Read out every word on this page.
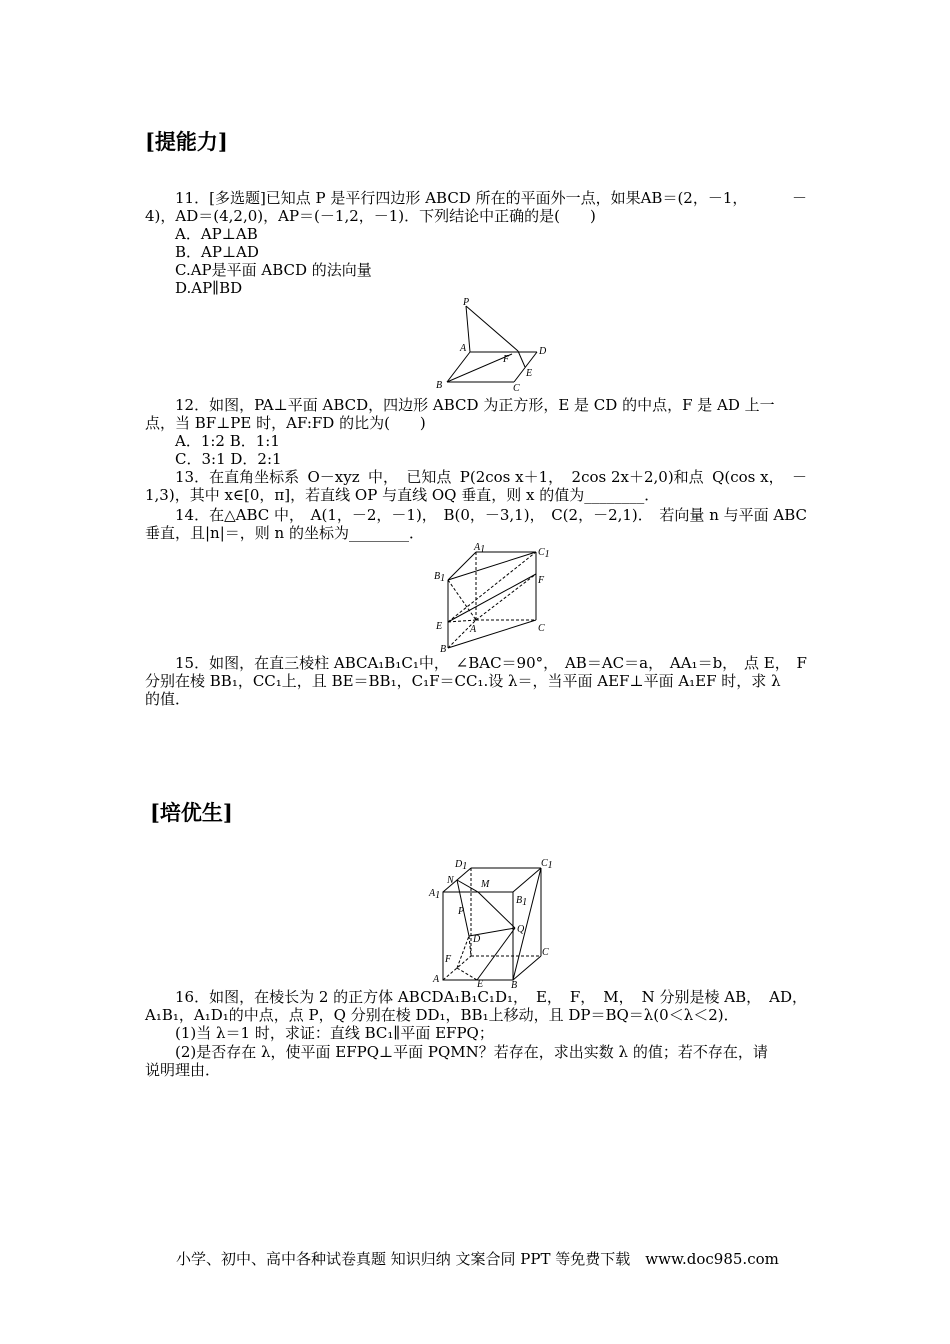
[提能力]
11．[多选题]已知点 P 是平行四边形 ABCD 所在的平面外一点，如果AB＝(2，－1，	－
4)，AD＝(4,2,0)，AP＝(－1,2，－1)．下列结论中正确的是(　　)
A．AP⊥AB
B．AP⊥AD
C.AP是平面 ABCD 的法向量
D.AP∥BD
P
A
F
D
E
B	C
12．如图，PA⊥平面 ABCD，四边形 ABCD 为正方形，E 是 CD 的中点，F 是 AD 上一
点，当 BF⊥PE 时，AF:FD 的比为(　　)
A．1:2 B．1:1
C．3:1 D．2:1
13．在直角坐标系 O－xyz 中， 已知点 P(2cos x＋1， 2cos 2x＋2,0)和点 Q(cos x， －
1,3)，其中 x∈[0，π]，若直线 OP 与直线 OQ 垂直，则 x 的值为________．
14．在△ABC 中， A(1，－2，－1)， B(0，－3,1)， C(2，－2,1)． 若向量 n 与平面 ABC
垂直，且|n|＝，则 n 的坐标为________．
A1	C1
B1	F
E	A	C
B
15．如图，在直三棱柱 ABCA₁B₁C₁中， ∠BAC＝90°， AB＝AC＝a， AA₁＝b， 点 E， F
分别在棱 BB₁，CC₁上，且 BE＝BB₁，C₁F＝CC₁.设 λ＝，当平面 AEF⊥平面 A₁EF 时，求 λ
的值．
[培优生]
D1	C1
N	M
A1	B1
P
Q
D
C
F
A	E	B
16．如图，在棱长为 2 的正方体 ABCDA₁B₁C₁D₁， E， F， M， N 分别是棱 AB， AD，
A₁B₁，A₁D₁的中点，点 P，Q 分别在棱 DD₁，BB₁上移动，且 DP＝BQ＝λ(0＜λ＜2)．
(1)当 λ＝1 时，求证：直线 BC₁∥平面 EFPQ；
(2)是否存在 λ，使平面 EFPQ⊥平面 PQMN？若存在，求出实数 λ 的值；若不存在，请
说明理由．
小学、初中、高中各种试卷真题 知识归纳 文案合同 PPT 等免费下载　www.doc985.com
